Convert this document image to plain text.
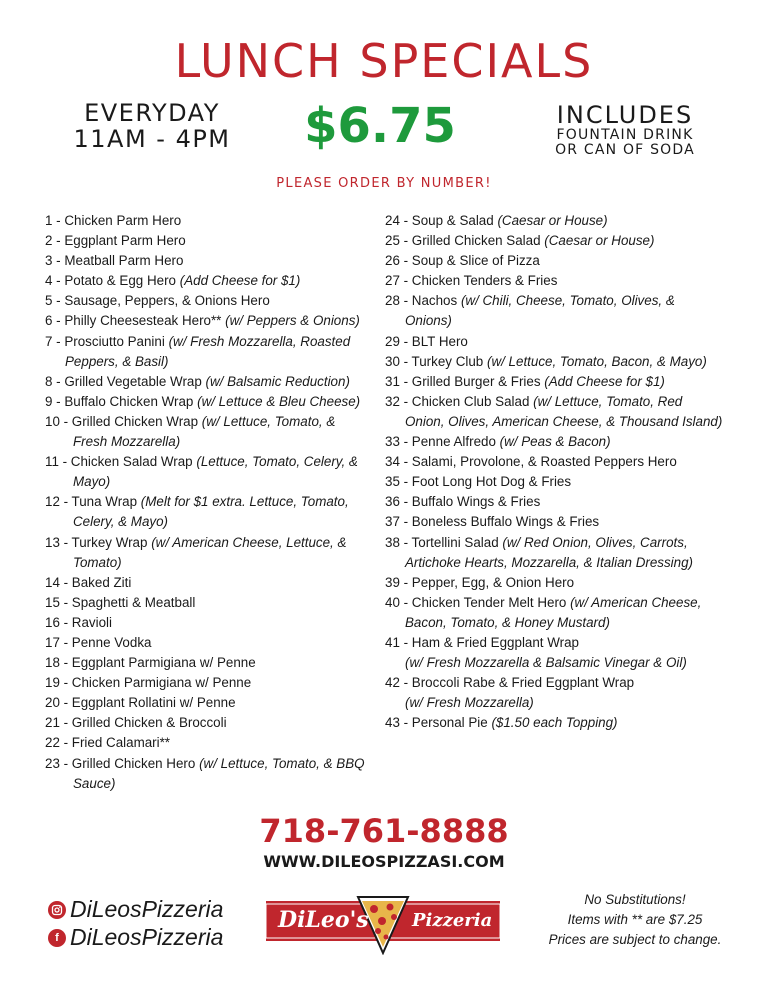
LUNCH SPECIALS
EVERYDAY
11AM - 4PM $6.75	INCLUDES
FOUNTAIN DRINK
OR CAN OF SODA
PLEASE ORDER BY NUMBER!
1 - Chicken Parm Hero
2 - Eggplant Parm Hero
3 - Meatball Parm Hero
4 - Potato & Egg Hero (Add Cheese for $1)
5 - Sausage, Peppers, & Onions Hero
6 - Philly Cheesesteak Hero** (w/ Peppers & Onions)
7 - Prosciutto Panini (w/ Fresh Mozzarella, Roasted
Peppers, & Basil)
8 - Grilled Vegetable Wrap (w/ Balsamic Reduction)
9 - Buffalo Chicken Wrap (w/ Lettuce & Bleu Cheese)
10 - Grilled Chicken Wrap (w/ Lettuce, Tomato, &
Fresh Mozzarella)
11 - Chicken Salad Wrap (Lettuce, Tomato, Celery, &
Mayo)
12 - Tuna Wrap (Melt for $1 extra. Lettuce, Tomato,
Celery, & Mayo)
13 - Turkey Wrap (w/ American Cheese, Lettuce, &
Tomato)
14 - Baked Ziti
15 - Spaghetti & Meatball
16 - Ravioli
17 - Penne Vodka
18 - Eggplant Parmigiana w/ Penne
19 - Chicken Parmigiana w/ Penne
20 - Eggplant Rollatini w/ Penne
21 - Grilled Chicken & Broccoli
22 - Fried Calamari**
23 - Grilled Chicken Hero (w/ Lettuce, Tomato, & BBQ
Sauce)
24 - Soup & Salad (Caesar or House)
25 - Grilled Chicken Salad (Caesar or House)
26 - Soup & Slice of Pizza
27 - Chicken Tenders & Fries
28 - Nachos (w/ Chili, Cheese, Tomato, Olives, &
Onions)
29 - BLT Hero
30 - Turkey Club (w/ Lettuce, Tomato, Bacon, & Mayo)
31 - Grilled Burger & Fries (Add Cheese for $1)
32 - Chicken Club Salad (w/ Lettuce, Tomato, Red
Onion, Olives, American Cheese, & Thousand Island)
33 - Penne Alfredo (w/ Peas & Bacon)
34 - Salami, Provolone, & Roasted Peppers Hero
35 - Foot Long Hot Dog & Fries
36 - Buffalo Wings & Fries
37 - Boneless Buffalo Wings & Fries
38 - Tortellini Salad (w/ Red Onion, Olives, Carrots,
Artichoke Hearts, Mozzarella, & Italian Dressing)
39 - Pepper, Egg, & Onion Hero
40 - Chicken Tender Melt Hero (w/ American Cheese,
Bacon, Tomato, & Honey Mustard)
41 - Ham & Fried Eggplant Wrap
(w/ Fresh Mozzarella & Balsamic Vinegar & Oil)
42 - Broccoli Rabe & Fried Eggplant Wrap
(w/ Fresh Mozzarella)
43 - Personal Pie ($1.50 each Topping)
718-761-8888
WWW.DILEOSPIZZASI.COM
DiLeosPizzeria
f DiLeosPizzeria
DiLeo's Pizzeria
No Substitutions!
Items with ** are $7.25
Prices are subject to change.
